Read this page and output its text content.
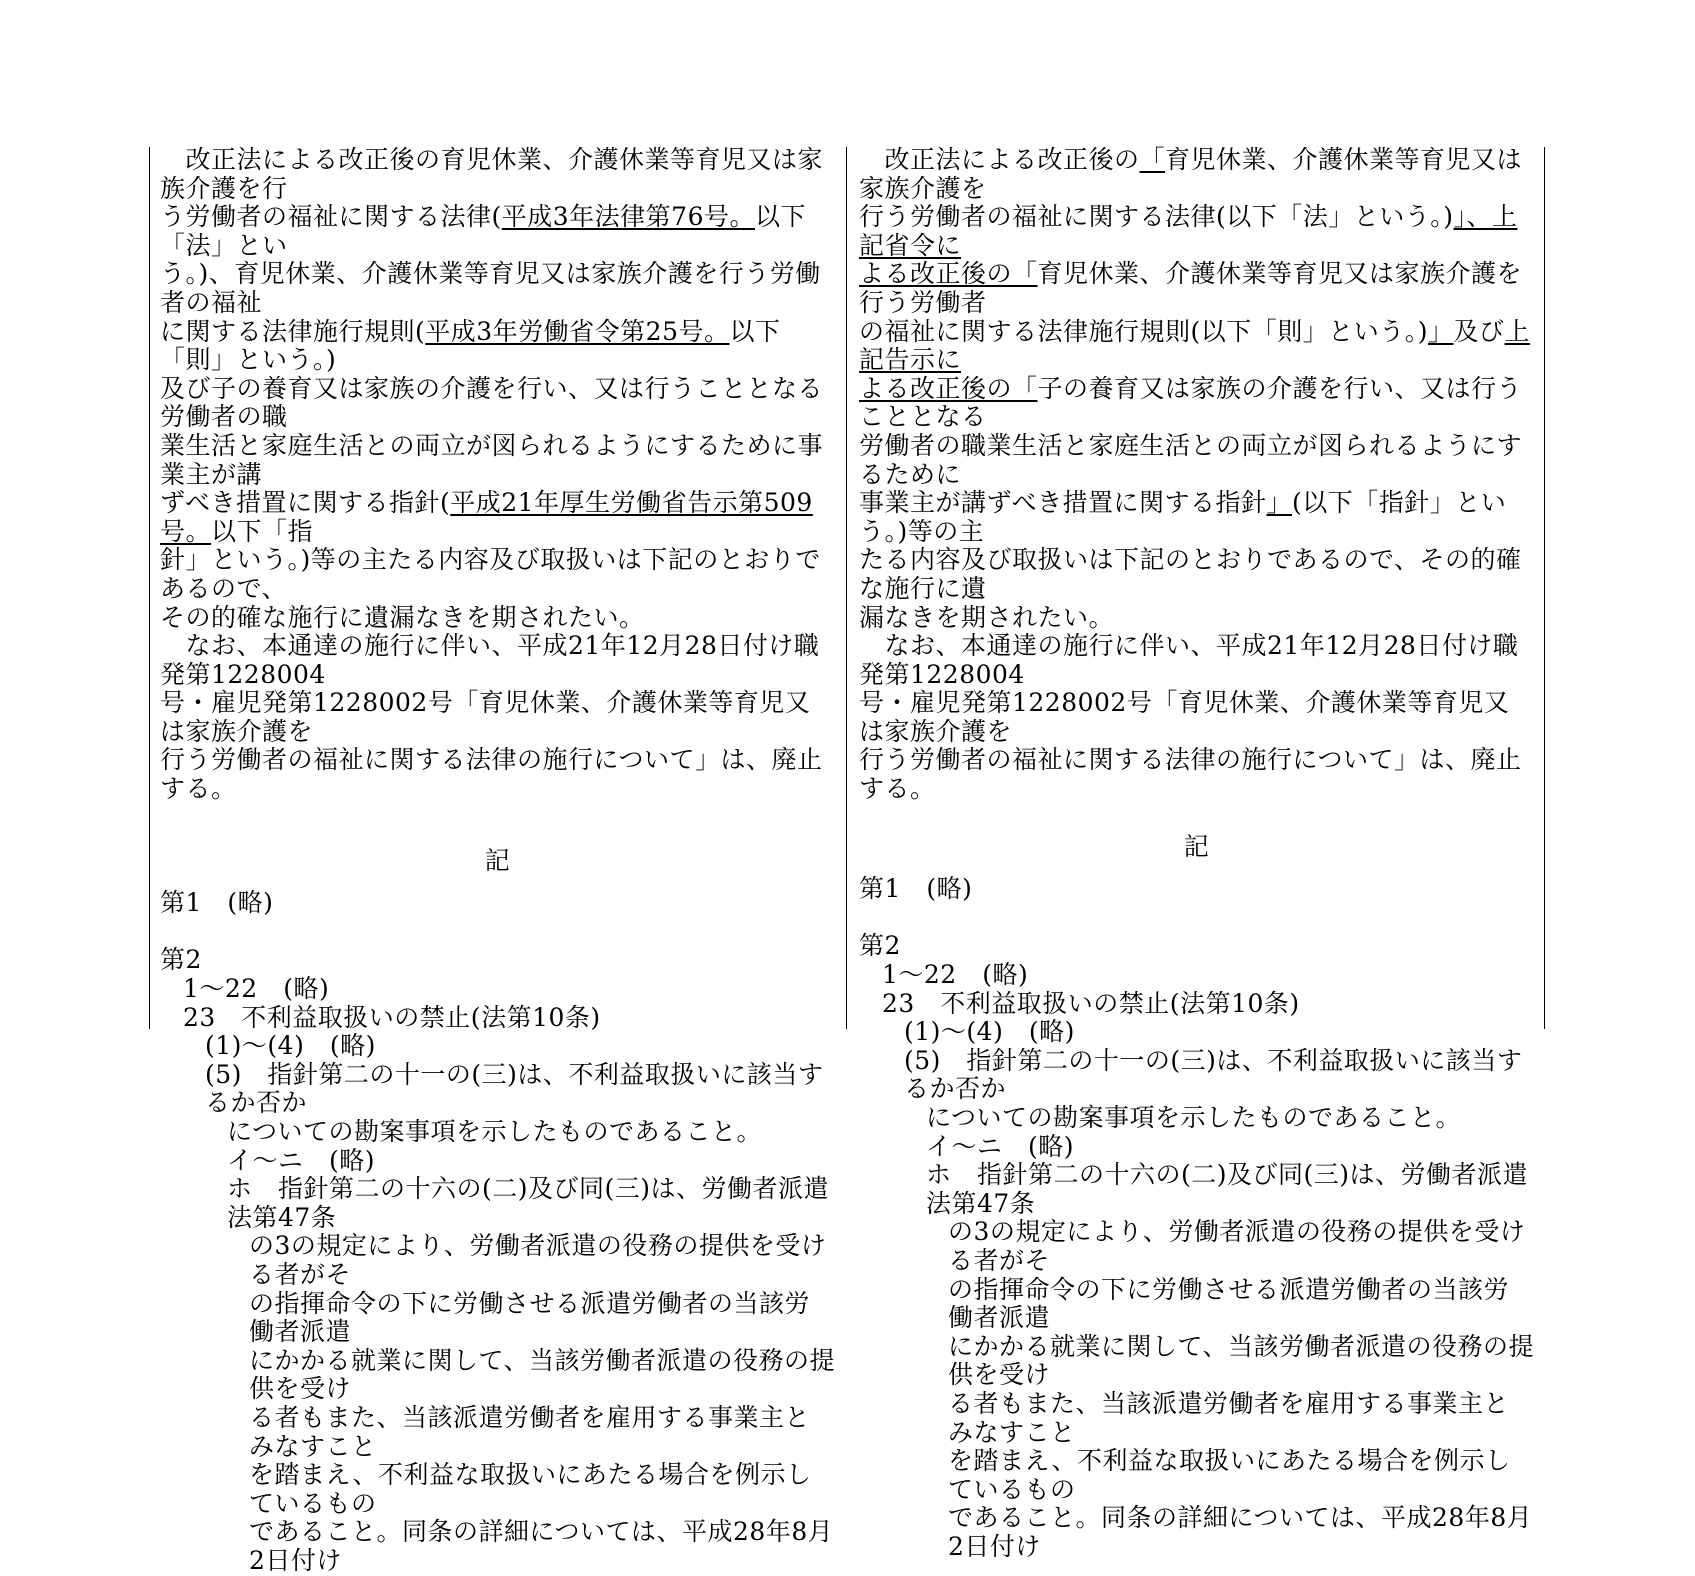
　改正法による改正後の育児休業、介護休業等育児又は家族介護を行
う労働者の福祉に関する法律(平成3年法律第76号。以下「法」とい
う。)、育児休業、介護休業等育児又は家族介護を行う労働者の福祉
に関する法律施行規則(平成3年労働省令第25号。以下「則」という。)
及び子の養育又は家族の介護を行い、又は行うこととなる労働者の職
業生活と家庭生活との両立が図られるようにするために事業主が講
ずべき措置に関する指針(平成21年厚生労働省告示第509号。以下「指
針」という。)等の主たる内容及び取扱いは下記のとおりであるので、
その的確な施行に遺漏なきを期されたい。
　なお、本通達の施行に伴い、平成21年12月28日付け職発第1228004
号・雇児発第1228002号「育児休業、介護休業等育児又は家族介護を
行う労働者の福祉に関する法律の施行について」は、廃止する。
記
第1　(略)
第2
1～22　(略)
23　不利益取扱いの禁止(法第10条)
(1)～(4)　(略)
(5)　指針第二の十一の(三)は、不利益取扱いに該当するか否か
についての勘案事項を示したものであること。
イ～ニ　(略)
ホ　指針第二の十六の(二)及び同(三)は、労働者派遣法第47条
の3の規定により、労働者派遣の役務の提供を受ける者がそ
の指揮命令の下に労働させる派遣労働者の当該労働者派遣
にかかる就業に関して、当該労働者派遣の役務の提供を受け
る者もまた、当該派遣労働者を雇用する事業主とみなすこと
を踏まえ、不利益な取扱いにあたる場合を例示しているもの
であること。同条の詳細については、平成28年8月2日付け
　改正法による改正後の「育児休業、介護休業等育児又は家族介護を
行う労働者の福祉に関する法律(以下「法」という。)」、上記省令に
よる改正後の「育児休業、介護休業等育児又は家族介護を行う労働者
の福祉に関する法律施行規則(以下「則」という。)」及び上記告示に
よる改正後の「子の養育又は家族の介護を行い、又は行うこととなる
労働者の職業生活と家庭生活との両立が図られるようにするために
事業主が講ずべき措置に関する指針」(以下「指針」という。)等の主
たる内容及び取扱いは下記のとおりであるので、その的確な施行に遺
漏なきを期されたい。
　なお、本通達の施行に伴い、平成21年12月28日付け職発第1228004
号・雇児発第1228002号「育児休業、介護休業等育児又は家族介護を
行う労働者の福祉に関する法律の施行について」は、廃止する。
記
第1　(略)
第2
1～22　(略)
23　不利益取扱いの禁止(法第10条)
(1)～(4)　(略)
(5)　指針第二の十一の(三)は、不利益取扱いに該当するか否か
についての勘案事項を示したものであること。
イ～ニ　(略)
ホ　指針第二の十六の(二)及び同(三)は、労働者派遣法第47条
の3の規定により、労働者派遣の役務の提供を受ける者がそ
の指揮命令の下に労働させる派遣労働者の当該労働者派遣
にかかる就業に関して、当該労働者派遣の役務の提供を受け
る者もまた、当該派遣労働者を雇用する事業主とみなすこと
を踏まえ、不利益な取扱いにあたる場合を例示しているもの
であること。同条の詳細については、平成28年8月2日付け
